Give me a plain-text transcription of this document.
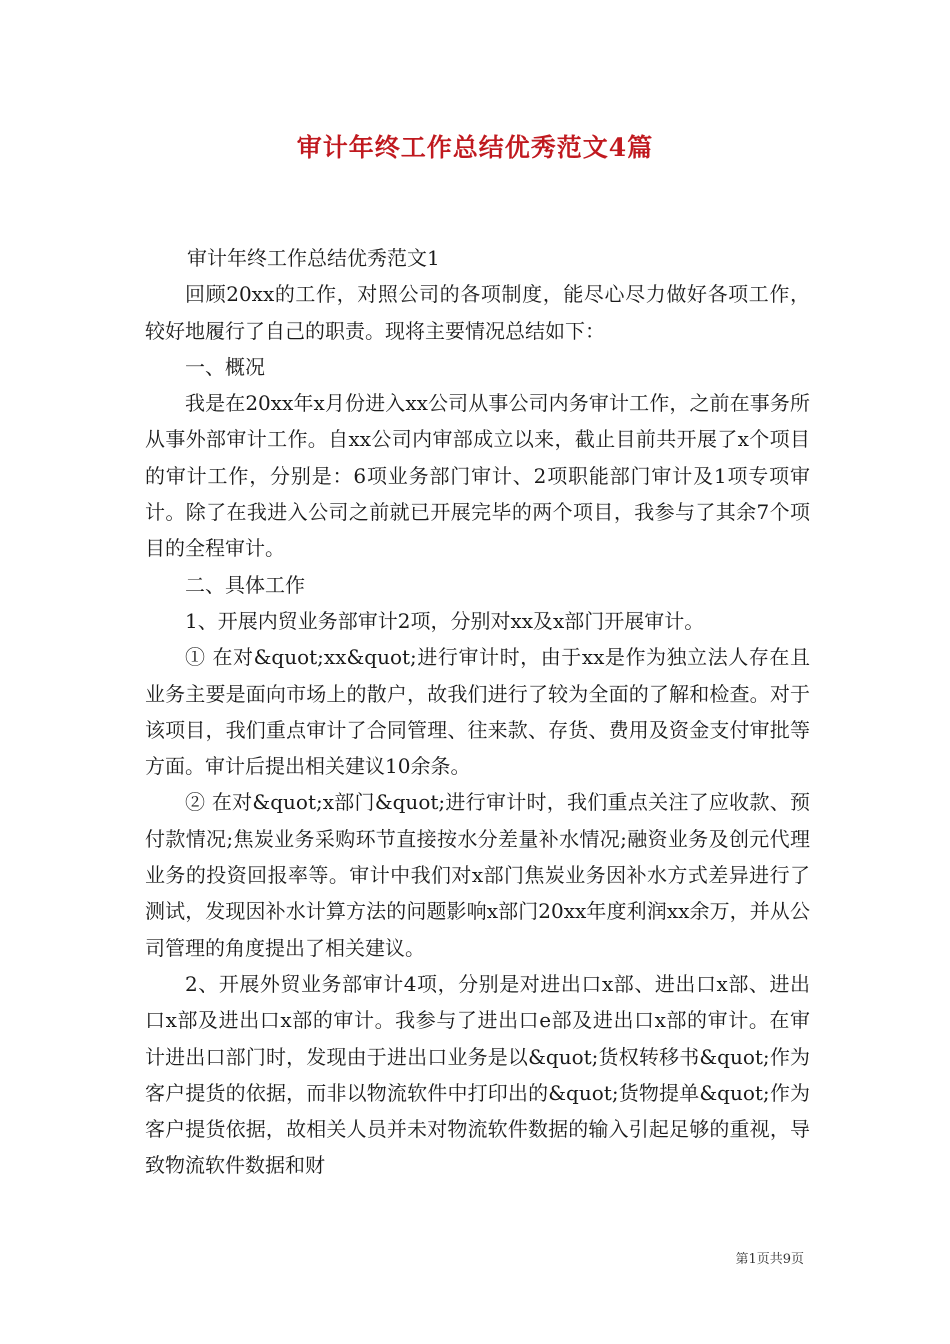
审计年终工作总结优秀范文4篇

审计年终工作总结优秀范文1

回顾20xx的工作，对照公司的各项制度，能尽心尽力做好各项工作，较好地履行了自己的职责。现将主要情况总结如下：

一、概况

我是在20xx年x月份进入xx公司从事公司内务审计工作，之前在事务所从事外部审计工作。自xx公司内审部成立以来，截止目前共开展了x个项目的审计工作，分别是：6项业务部门审计、2项职能部门审计及1项专项审计。除了在我进入公司之前就已开展完毕的两个项目，我参与了其余7个项目的全程审计。

二、具体工作

1、开展内贸业务部审计2项，分别对xx及x部门开展审计。

① 在对&quot;xx&quot;进行审计时，由于xx是作为独立法人存在且业务主要是面向市场上的散户，故我们进行了较为全面的了解和检查。对于该项目，我们重点审计了合同管理、往来款、存货、费用及资金支付审批等方面。审计后提出相关建议10余条。

② 在对&quot;x部门&quot;进行审计时，我们重点关注了应收款、预付款情况;焦炭业务采购环节直接按水分差量补水情况;融资业务及创元代理业务的投资回报率等。审计中我们对x部门焦炭业务因补水方式差异进行了测试，发现因补水计算方法的问题影响x部门20xx年度利润xx余万，并从公司管理的角度提出了相关建议。

2、开展外贸业务部审计4项，分别是对进出口x部、进出口x部、进出口x部及进出口x部的审计。我参与了进出口e部及进出口x部的审计。在审计进出口部门时，发现由于进出口业务是以&quot;货权转移书&quot;作为客户提货的依据，而非以物流软件中打印出的&quot;货物提单&quot;作为客户提货依据，故相关人员并未对物流软件数据的输入引起足够的重视，导致物流软件数据和财

第1页共9页
